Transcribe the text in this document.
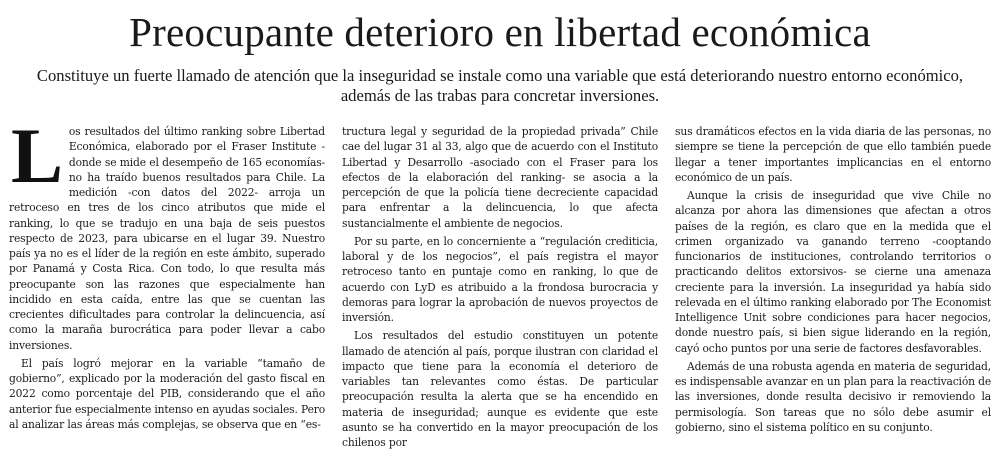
Preocupante deterioro en libertad económica
Constituye un fuerte llamado de atención que la inseguridad se instale como una variable que está deteriorando nuestro entorno económico, además de las trabas para concretar inversiones.

Los resultados del último ranking sobre Libertad Económica, elaborado por el Fraser Institute -donde se mide el desempeño de 165 economías- no ha traído buenos resultados para Chile. La medición -con datos del 2022- arroja un retroceso en tres de los cinco atributos que mide el ranking, lo que se tradujo en una baja de seis puestos respecto de 2023, para ubicarse en el lugar 39. Nuestro país ya no es el líder de la región en este ámbito, superado por Panamá y Costa Rica. Con todo, lo que resulta más preocupante son las razones que especialmente han incidido en esta caída, entre las que se cuentan las crecientes dificultades para controlar la delincuencia, así como la maraña burocrática para poder llevar a cabo inversiones.

El país logró mejorar en la variable “tamaño de gobierno”, explicado por la moderación del gasto fiscal en 2022 como porcentaje del PIB, considerando que el año anterior fue especialmente intenso en ayudas sociales. Pero al analizar las áreas más complejas, se observa que en “es-

tructura legal y seguridad de la propiedad privada” Chile cae del lugar 31 al 33, algo que de acuerdo con el Instituto Libertad y Desarrollo -asociado con el Fraser para los efectos de la elaboración del ranking- se asocia a la percepción de que la policía tiene decreciente capacidad para enfrentar a la delincuencia, lo que afecta sustancialmente el ambiente de negocios.

Por su parte, en lo concerniente a “regulación crediticia, laboral y de los negocios”, el país registra el mayor retroceso tanto en puntaje como en ranking, lo que de acuerdo con LyD es atribuido a la frondosa burocracia y demoras para lograr la aprobación de nuevos proyectos de inversión.

Los resultados del estudio constituyen un potente llamado de atención al país, porque ilustran con claridad el impacto que tiene para la economía el deterioro de variables tan relevantes como éstas. De particular preocupación resulta la alerta que se ha encendido en materia de inseguridad; aunque es evidente que este asunto se ha convertido en la mayor preocupación de los chilenos por

sus dramáticos efectos en la vida diaria de las personas, no siempre se tiene la percepción de que ello también puede llegar a tener importantes implicancias en el entorno económico de un país.

Aunque la crisis de inseguridad que vive Chile no alcanza por ahora las dimensiones que afectan a otros países de la región, es claro que en la medida que el crimen organizado va ganando terreno -cooptando funcionarios de instituciones, controlando territorios o practicando delitos extorsivos- se cierne una amenaza creciente para la inversión. La inseguridad ya había sido relevada en el último ranking elaborado por The Economist Intelligence Unit sobre condiciones para hacer negocios, donde nuestro país, si bien sigue liderando en la región, cayó ocho puntos por una serie de factores desfavorables.

Además de una robusta agenda en materia de seguridad, es indispensable avanzar en un plan para la reactivación de las inversiones, donde resulta decisivo ir removiendo la permisología. Son tareas que no sólo debe asumir el gobierno, sino el sistema político en su conjunto.
